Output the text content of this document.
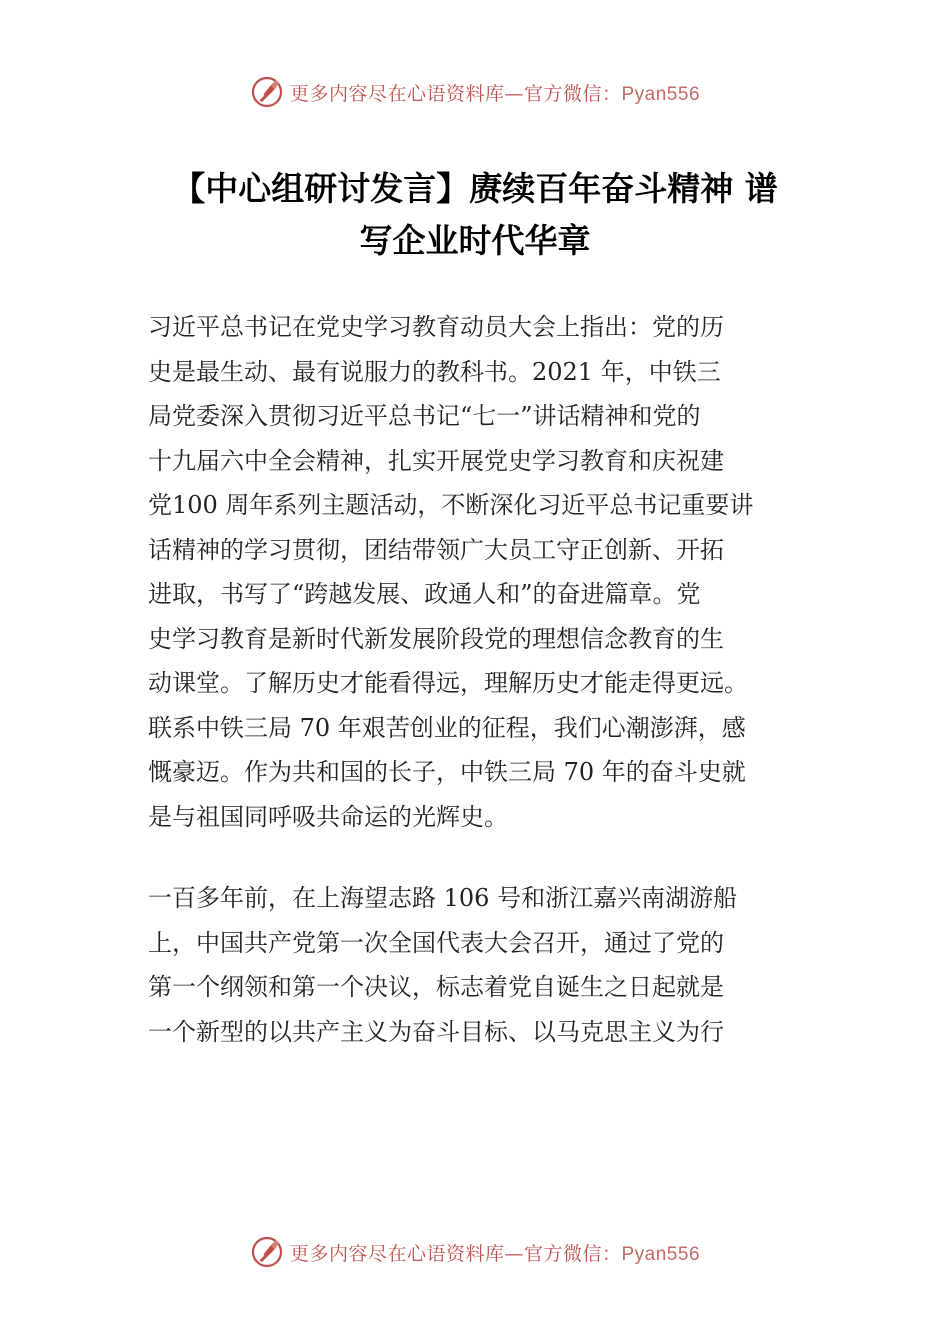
更多内容尽在心语资料库—官方微信：Pyan556
【中心组研讨发言】赓续百年奋斗精神 谱
写企业时代华章
习近平总书记在党史学习教育动员大会上指出：党的历
史是最生动、最有说服力的教科书。2021 年，中铁三
局党委深入贯彻习近平总书记“七一”讲话精神和党的
十九届六中全会精神，扎实开展党史学习教育和庆祝建
党100 周年系列主题活动，不断深化习近平总书记重要讲
话精神的学习贯彻，团结带领广大员工守正创新、开拓
进取，书写了“跨越发展、政通人和”的奋进篇章。党
史学习教育是新时代新发展阶段党的理想信念教育的生
动课堂。了解历史才能看得远，理解历史才能走得更远。
联系中铁三局 70 年艰苦创业的征程，我们心潮澎湃，感
慨豪迈。作为共和国的长子，中铁三局 70 年的奋斗史就
是与祖国同呼吸共命运的光辉史。
一百多年前，在上海望志路 106 号和浙江嘉兴南湖游船
上，中国共产党第一次全国代表大会召开，通过了党的
第一个纲领和第一个决议，标志着党自诞生之日起就是
一个新型的以共产主义为奋斗目标、以马克思主义为行
更多内容尽在心语资料库—官方微信：Pyan556
